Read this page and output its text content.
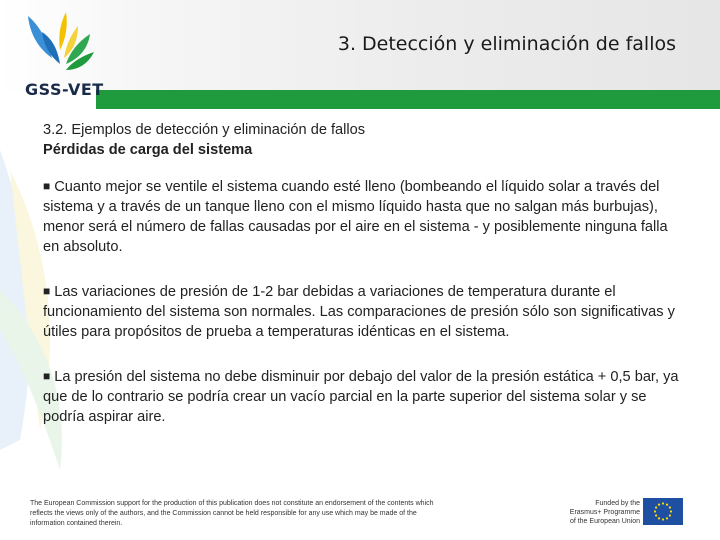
GSS-VET
3. Detección y eliminación de fallos

3.2. Ejemplos de detección y eliminación de fallos

Pérdidas de carga del sistema

■ Cuanto mejor se ventile el sistema cuando esté lleno (bombeando el líquido solar a través del sistema y a través de un tanque lleno con el mismo líquido hasta que no salgan más burbujas), menor será el número de fallas causadas por el aire en el sistema - y posiblemente ninguna falla en absoluto.

■ Las variaciones de presión de 1-2 bar debidas a variaciones de temperatura durante el funcionamiento del sistema son normales. Las comparaciones de presión sólo son significativas y útiles para propósitos de prueba a temperaturas idénticas en el sistema.

■ La presión del sistema no debe disminuir por debajo del valor de la presión estática + 0,5 bar, ya que de lo contrario se podría crear un vacío parcial en la parte superior del sistema solar y se podría aspirar aire.

The European Commission support for the production of this publication does not constitute an endorsement of the contents which reflects the views only of the authors, and the Commission cannot be held responsible for any use which may be made of the information contained therein.
Funded by the
Erasmus+ Programme
of the European Union
